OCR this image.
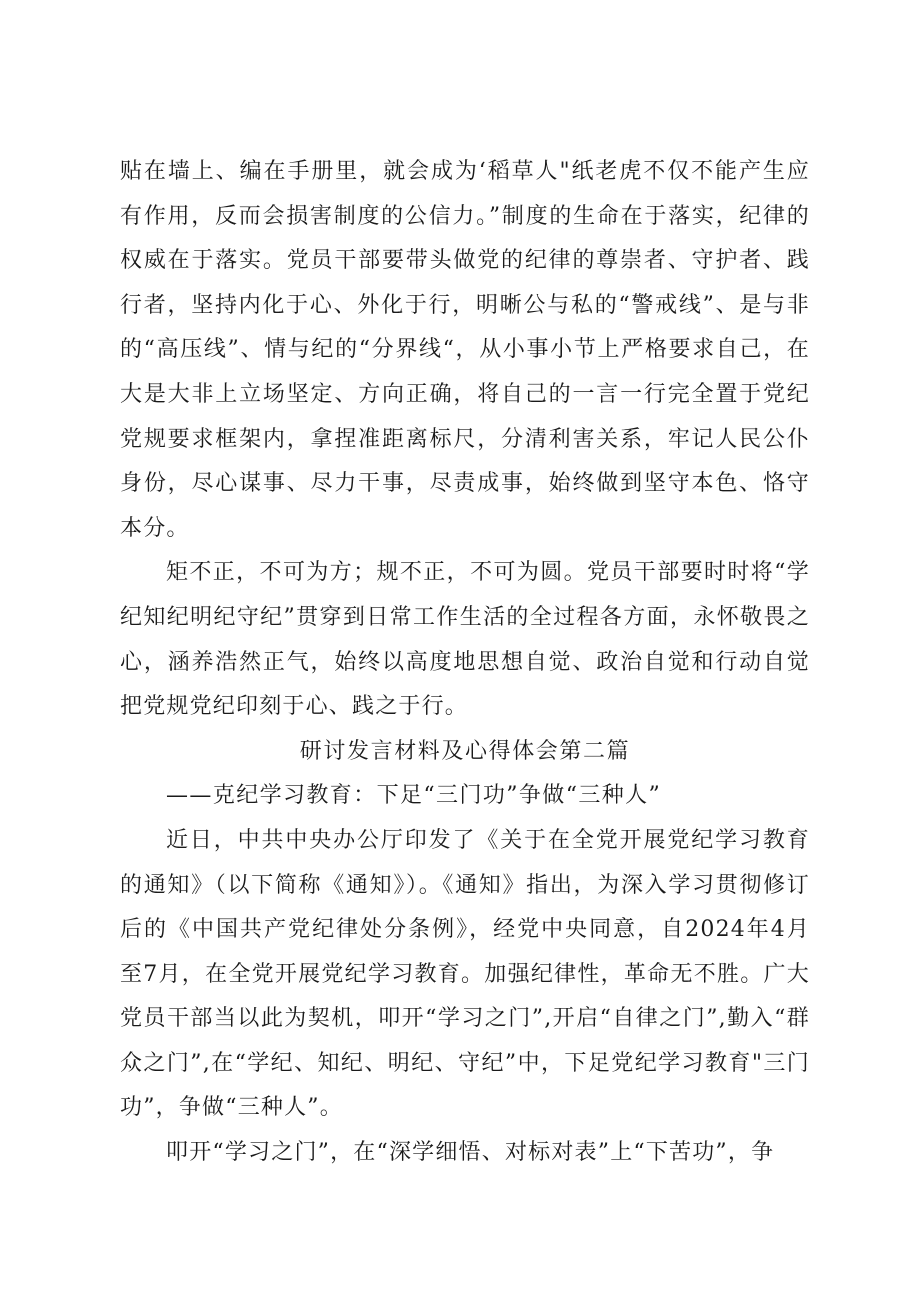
贴在墙上、编在手册里，就会成为‘稻草人"纸老虎不仅不能产生应有作用，反而会损害制度的公信力。”制度的生命在于落实，纪律的权威在于落实。党员干部要带头做党的纪律的尊崇者、守护者、践行者，坚持内化于心、外化于行，明晰公与私的“警戒线”、是与非的“高压线”、情与纪的“分界线“，从小事小节上严格要求自己，在大是大非上立场坚定、方向正确，将自己的一言一行完全置于党纪党规要求框架内，拿捏准距离标尺，分清利害关系，牢记人民公仆身份，尽心谋事、尽力干事，尽责成事，始终做到坚守本色、恪守本分。

矩不正，不可为方；规不正，不可为圆。党员干部要时时将“学纪知纪明纪守纪”贯穿到日常工作生活的全过程各方面，永怀敬畏之心，涵养浩然正气，始终以高度地思想自觉、政治自觉和行动自觉把党规党纪印刻于心、践之于行。

研讨发言材料及心得体会第二篇

——克纪学习教育：下足“三门功”争做“三种人”

近日，中共中央办公厅印发了《关于在全党开展党纪学习教育的通知》（以下简称《通知》）。《通知》指出，为深入学习贯彻修订后的《中国共产党纪律处分条例》，经党中央同意，自2024年4月至7月，在全党开展党纪学习教育。加强纪律性，革命无不胜。广大党员干部当以此为契机，叩开“学习之门”,开启“自律之门”,勤入“群众之门”,在“学纪、知纪、明纪、守纪”中，下足党纪学习教育"三门功”，争做“三种人”。

叩开“学习之门”，在“深学细悟、对标对表”上“下苦功”，争
